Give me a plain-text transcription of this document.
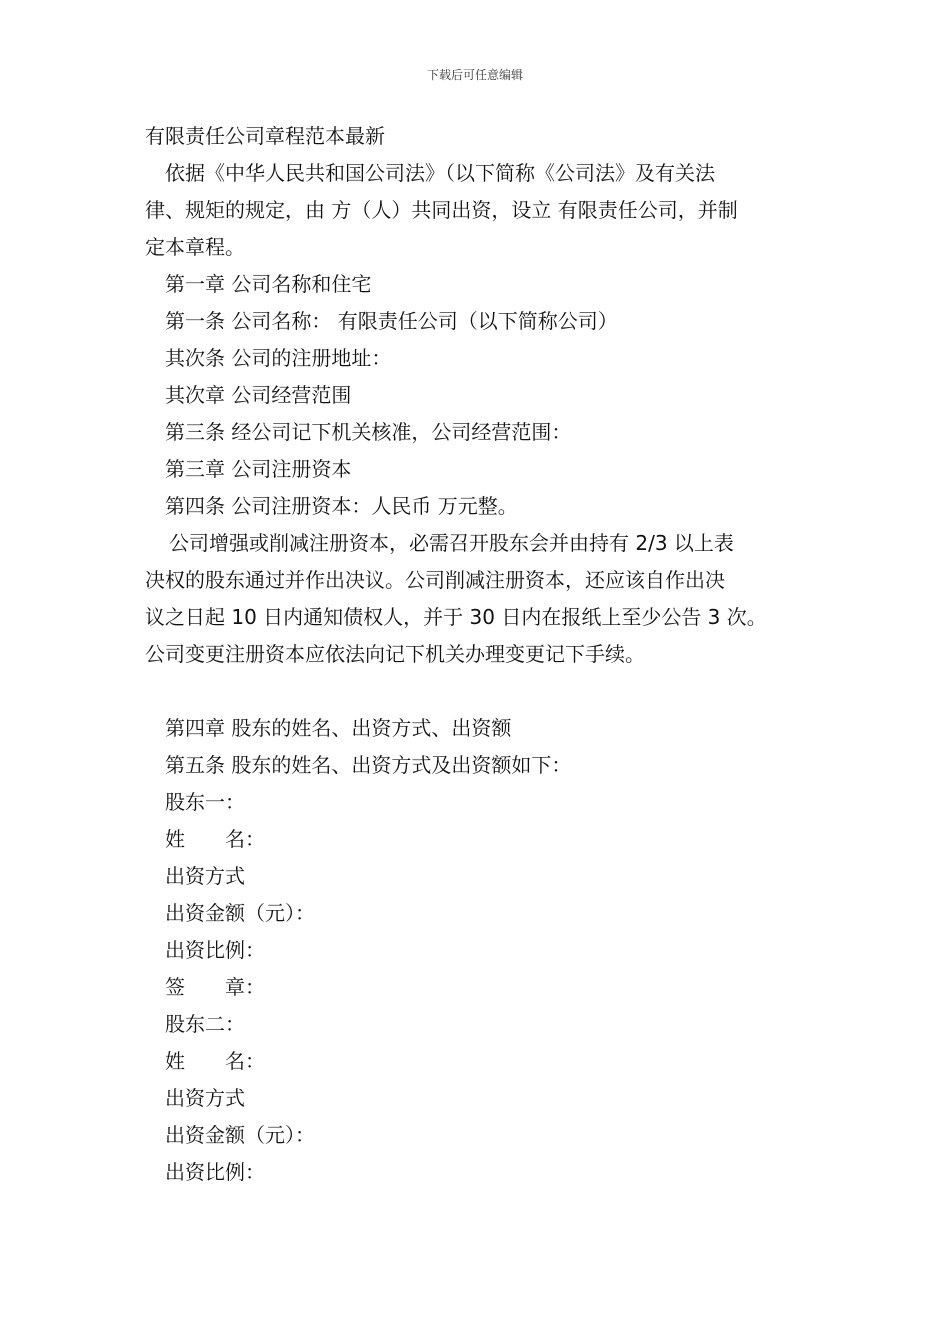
下载后可任意编辑

有限责任公司章程范本最新

依据《中华人民共和国公司法》（以下简称《公司法》及有关法

律、规矩的规定，由 方（人）共同出资，设立 有限责任公司，并制

定本章程。

第一章 公司名称和住宅

第一条 公司名称： 有限责任公司（以下简称公司）

其次条 公司的注册地址：

其次章 公司经营范围

第三条 经公司记下机关核准，公司经营范围：

第三章 公司注册资本

第四条 公司注册资本：人民币 万元整。

公司增强或削减注册资本，必需召开股东会并由持有 2/3 以上表

决权的股东通过并作出决议。公司削减注册资本，还应该自作出决

议之日起 10 日内通知债权人，并于 30 日内在报纸上至少公告 3 次。

公司变更注册资本应依法向记下机关办理变更记下手续。

第四章 股东的姓名、出资方式、出资额

第五条 股东的姓名、出资方式及出资额如下：

股东一：

姓　　名：

出资方式

出资金额（元）：

出资比例：

签　　章：

股东二：

姓　　名：

出资方式

出资金额（元）：

出资比例：
